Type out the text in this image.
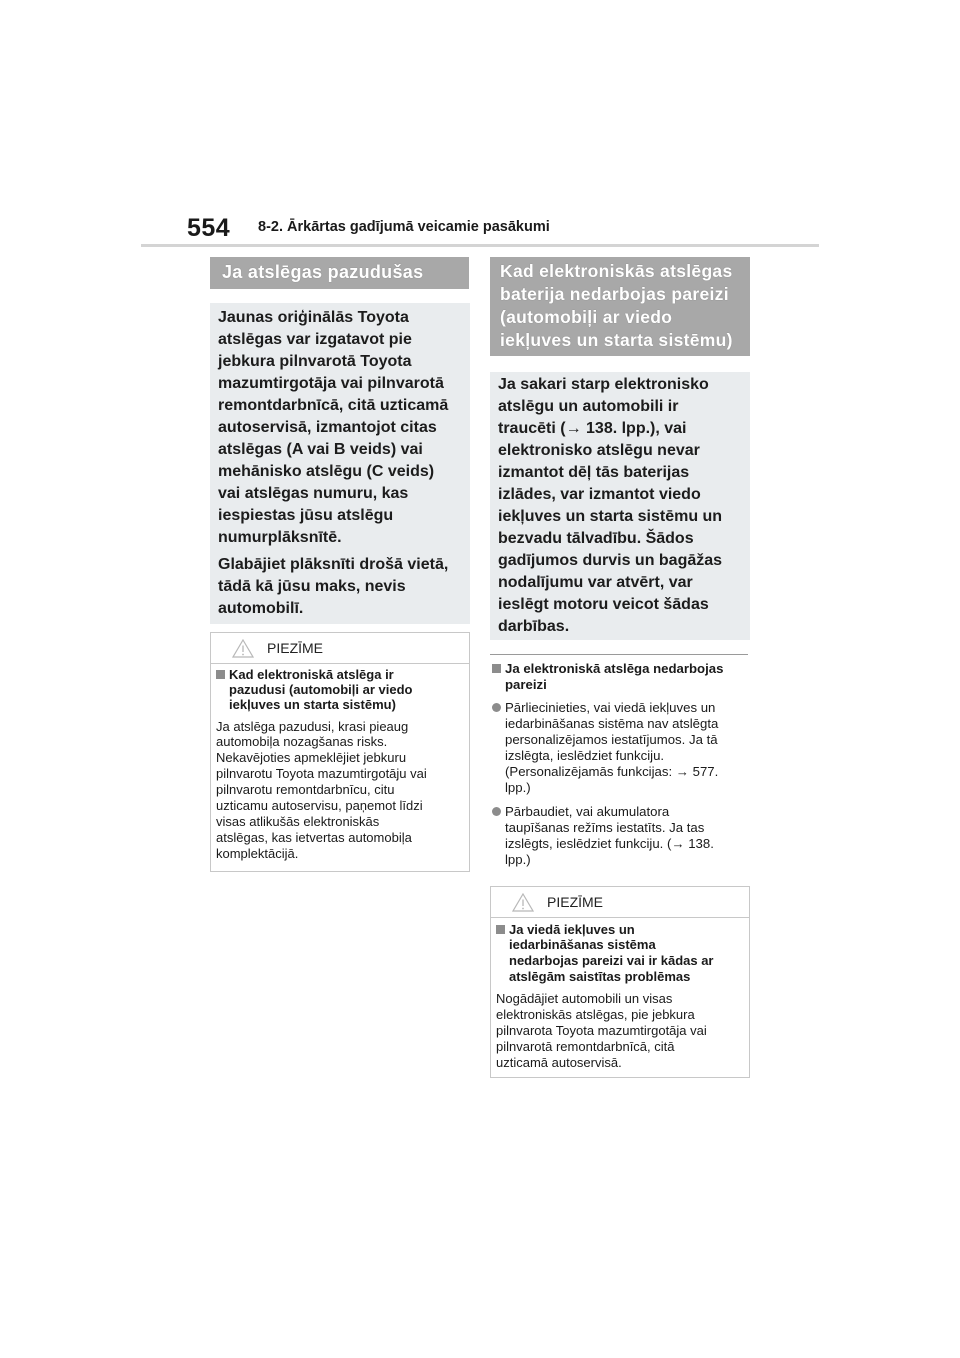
554 8-2. Ārkārtas gadījumā veicamie pasākumi
Ja atslēgas pazudušas
Jaunas oriģinālās Toyota
atslēgas var izgatavot pie
jebkura pilnvarotā Toyota
mazumtirgotāja vai pilnvarotā
remontdarbnīcā, citā uzticamā
autoservisā, izmantojot citas
atslēgas (A vai B veids) vai
mehānisko atslēgu (C veids)
vai atslēgas numuru, kas
iespiestas jūsu atslēgu
numurplāksnītē.
Glabājiet plāksnīti drošā vietā,
tādā kā jūsu maks, nevis
automobilī.
PIEZĪME
Kad elektroniskā atslēga ir
pazudusi (automobiļi ar viedo
iekļuves un starta sistēmu)
Ja atslēga pazudusi, krasi pieaug
automobiļa nozagšanas risks.
Nekavējoties apmeklējiet jebkuru
pilnvarotu Toyota mazumtirgotāju vai
pilnvarotu remontdarbnīcu, citu
uzticamu autoservisu, paņemot līdzi
visas atlikušās elektroniskās
atslēgas, kas ietvertas automobiļa
komplektācijā.
Kad elektroniskās atslēgas
baterija nedarbojas pareizi
(automobiļi ar viedo
iekļuves un starta sistēmu)
Ja sakari starp elektronisko
atslēgu un automobili ir
traucēti (→ 138. lpp.), vai
elektronisko atslēgu nevar
izmantot dēļ tās baterijas
izlādes, var izmantot viedo
iekļuves un starta sistēmu un
bezvadu tālvadību. Šādos
gadījumos durvis un bagāžas
nodalījumu var atvērt, var
ieslēgt motoru veicot šādas
darbības.
Ja elektroniskā atslēga nedarbojas
pareizi
Pārliecinieties, vai viedā iekļuves un
iedarbināšanas sistēma nav atslēgta
personalizējamos iestatījumos. Ja tā
izslēgta, ieslēdziet funkciju.
(Personalizējamās funkcijas: → 577.
lpp.)
Pārbaudiet, vai akumulatora
taupīšanas režīms iestatīts. Ja tas
izslēgts, ieslēdziet funkciju. (→ 138.
lpp.)
PIEZĪME
Ja viedā iekļuves un
iedarbināšanas sistēma
nedarbojas pareizi vai ir kādas ar
atslēgām saistītas problēmas
Nogādājiet automobili un visas
elektroniskās atslēgas, pie jebkura
pilnvarota Toyota mazumtirgotāja vai
pilnvarotā remontdarbnīcā, citā
uzticamā autoservisā.
